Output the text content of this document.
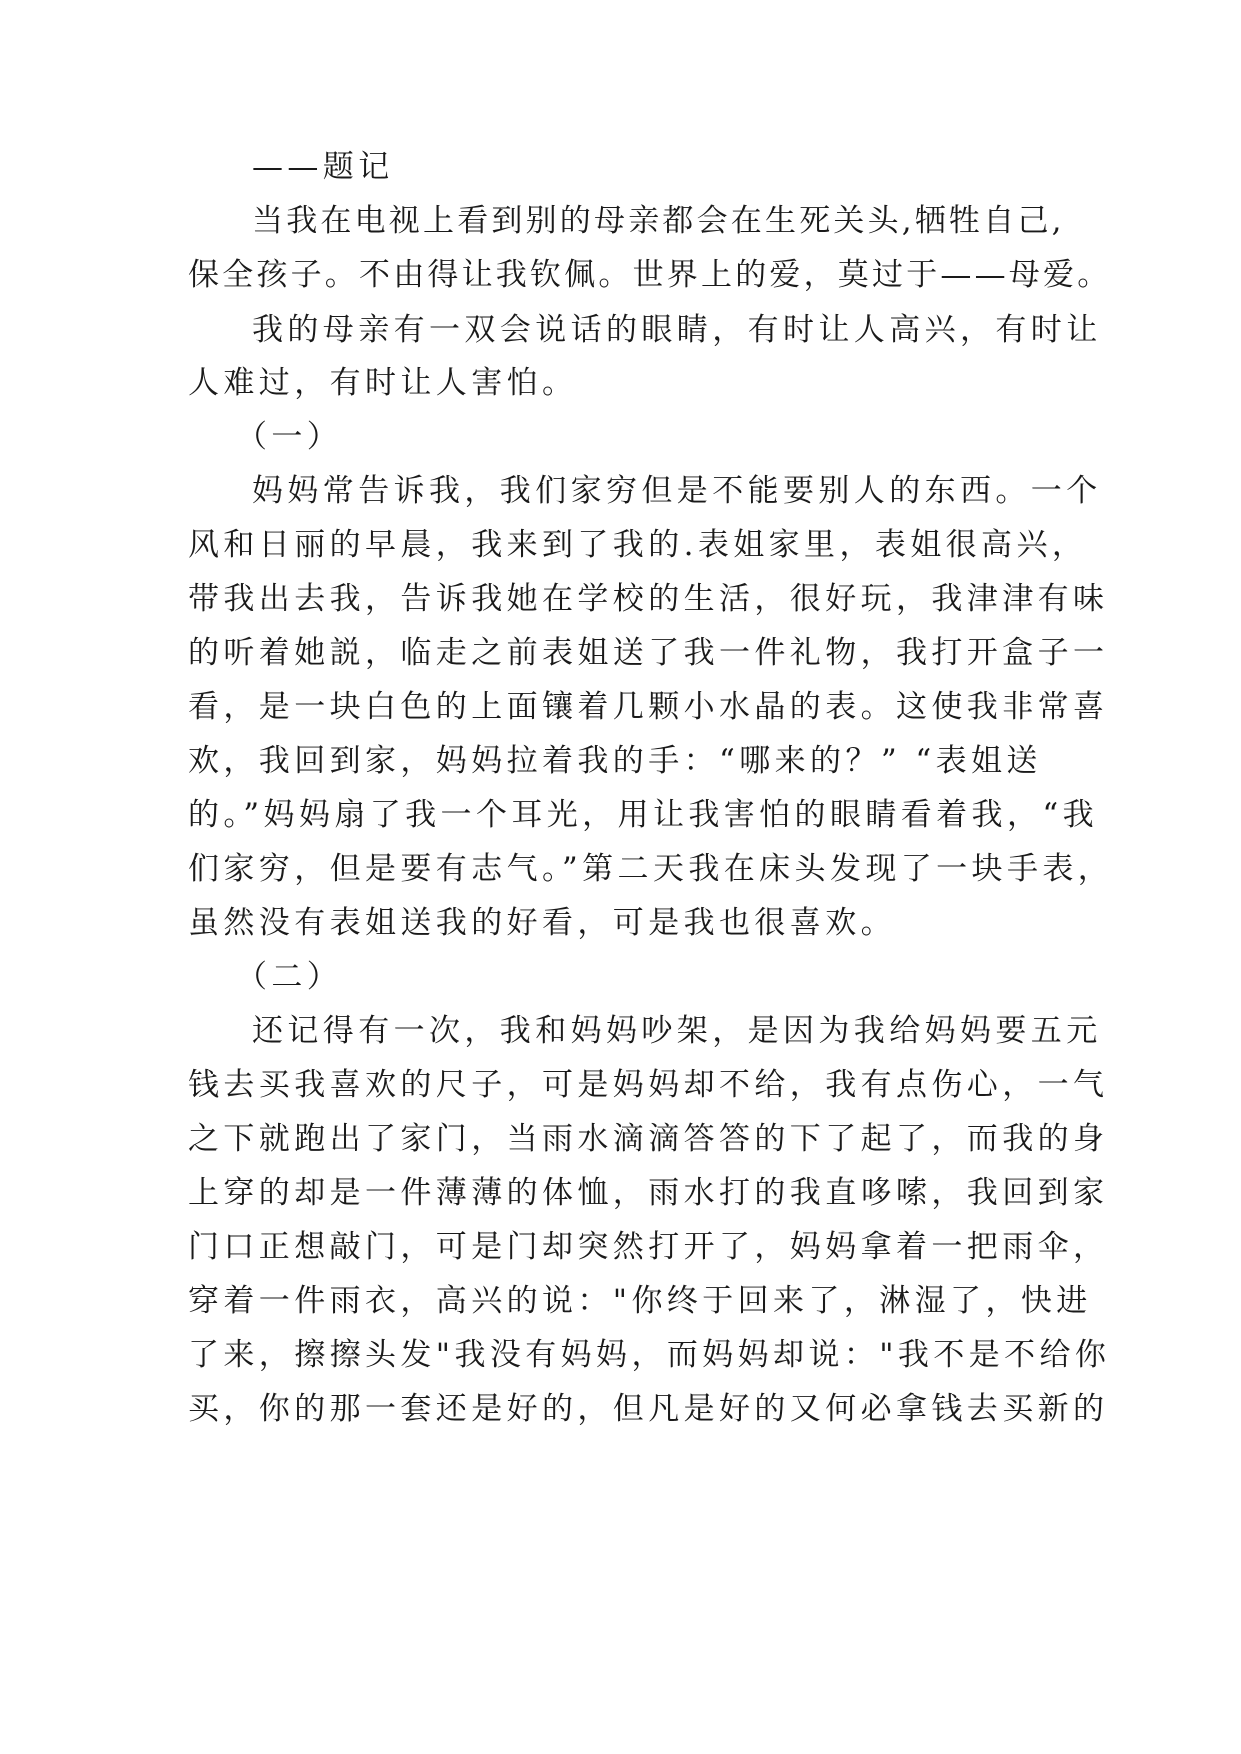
——题记
当我在电视上看到别的母亲都会在生死关头,牺牲自己,
保全孩子。不由得让我钦佩。世界上的爱，莫过于——母爱。
我的母亲有一双会说话的眼睛，有时让人高兴，有时让
人难过，有时让人害怕。
（一）
妈妈常告诉我，我们家穷但是不能要别人的东西。一个
风和日丽的早晨，我来到了我的.表姐家里，表姐很高兴，
带我出去我，告诉我她在学校的生活，很好玩，我津津有味
的听着她説，临走之前表姐送了我一件礼物，我打开盒子一
看，是一块白色的上面镶着几颗小水晶的表。这使我非常喜
欢，我回到家，妈妈拉着我的手：“哪来的？” “表姐送
的。”妈妈扇了我一个耳光，用让我害怕的眼睛看着我，“我
们家穷，但是要有志气。”第二天我在床头发现了一块手表，
虽然没有表姐送我的好看，可是我也很喜欢。
（二）
还记得有一次，我和妈妈吵架，是因为我给妈妈要五元
钱去买我喜欢的尺子，可是妈妈却不给，我有点伤心，一气
之下就跑出了家门，当雨水滴滴答答的下了起了，而我的身
上穿的却是一件薄薄的体恤，雨水打的我直哆嗦，我回到家
门口正想敲门，可是门却突然打开了，妈妈拿着一把雨伞，
穿着一件雨衣，高兴的说："你终于回来了，淋湿了，快进
了来，擦擦头发"我没有妈妈，而妈妈却说："我不是不给你
买，你的那一套还是好的，但凡是好的又何必拿钱去买新的
